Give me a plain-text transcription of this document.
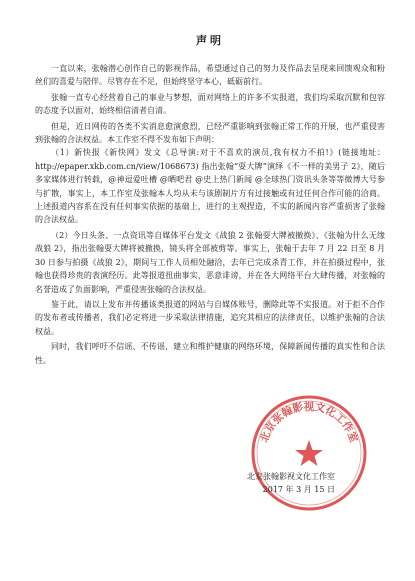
声明

一直以来，张翰潜心创作自己的影视作品，希望通过自己的努力及作品去呈现来回馈观众和粉丝们的喜爱与陪伴。尽管存在不足，但始终坚守本心，砥砺前行。

张翰一直专心经营着自己的事业与梦想，面对网络上的许多不实报道，我们均采取沉默和包容的态度予以面对，始终相信清者自清。

但是，近日网传的各类不实消息愈演愈烈，已经严重影响到张翰正常工作的开展，也严重侵害到张翰的合法权益。本工作室不得不发布如下声明：

（1）新快报《新快网》发文《总导演:对于不喜欢的演员,我有权力不拍!》(链接地址：http://epaper.xkb.com.cn/view/1068673) 指出张翰“耍大牌”演绎《不一样的美男子 2》，随后多家媒体进行转载，@神逗爱吐槽 @晒吧君 @史上热门新闻 @全球热门资讯头条等等微博大号参与扩散，事实上，本工作室及张翰本人均从未与该剧制片方有过接触或有过任何合作可能的洽商。上述报道内容系在没有任何事实依据的基础上，进行的主观捏造，不实的新闻内容严重损害了张翰的合法权益。

（2）今日头条、一点资讯等自媒体平台发文《战狼 2 张翰耍大牌被撤换》、《张翰为什么无缘战狼 2》，指出张翰耍大牌将被撤换，镜头将全部被剪等。事实上，张翰于去年 7 月 22 日至 8 月 30 日参与拍摄《战狼 2》，期间与工作人员相处融洽，去年已完成杀青工作，并在拍摄过程中，张翰也获得珍贵的表演经历。此等报道扭曲事实，恶意诽谤，并在各大网络平台大肆传播，对张翰的名誉造成了负面影响，严重侵害张翰的合法权益。

鉴于此，请以上发布并传播该类报道的网站与自媒体账号，删除此等不实报道。对于拒不合作的发布者或传播者，我们必定将进一步采取法律措施，追究其相应的法律责任，以维护张翰的合法权益。

同时，我们呼吁不信谣、不传谣，建立和维护健康的网络环境，保障新闻传播的真实性和合法性。

北京张翰影视文化工作室
北京张翰影视文化工作室
2017 年 3 月 15 日
